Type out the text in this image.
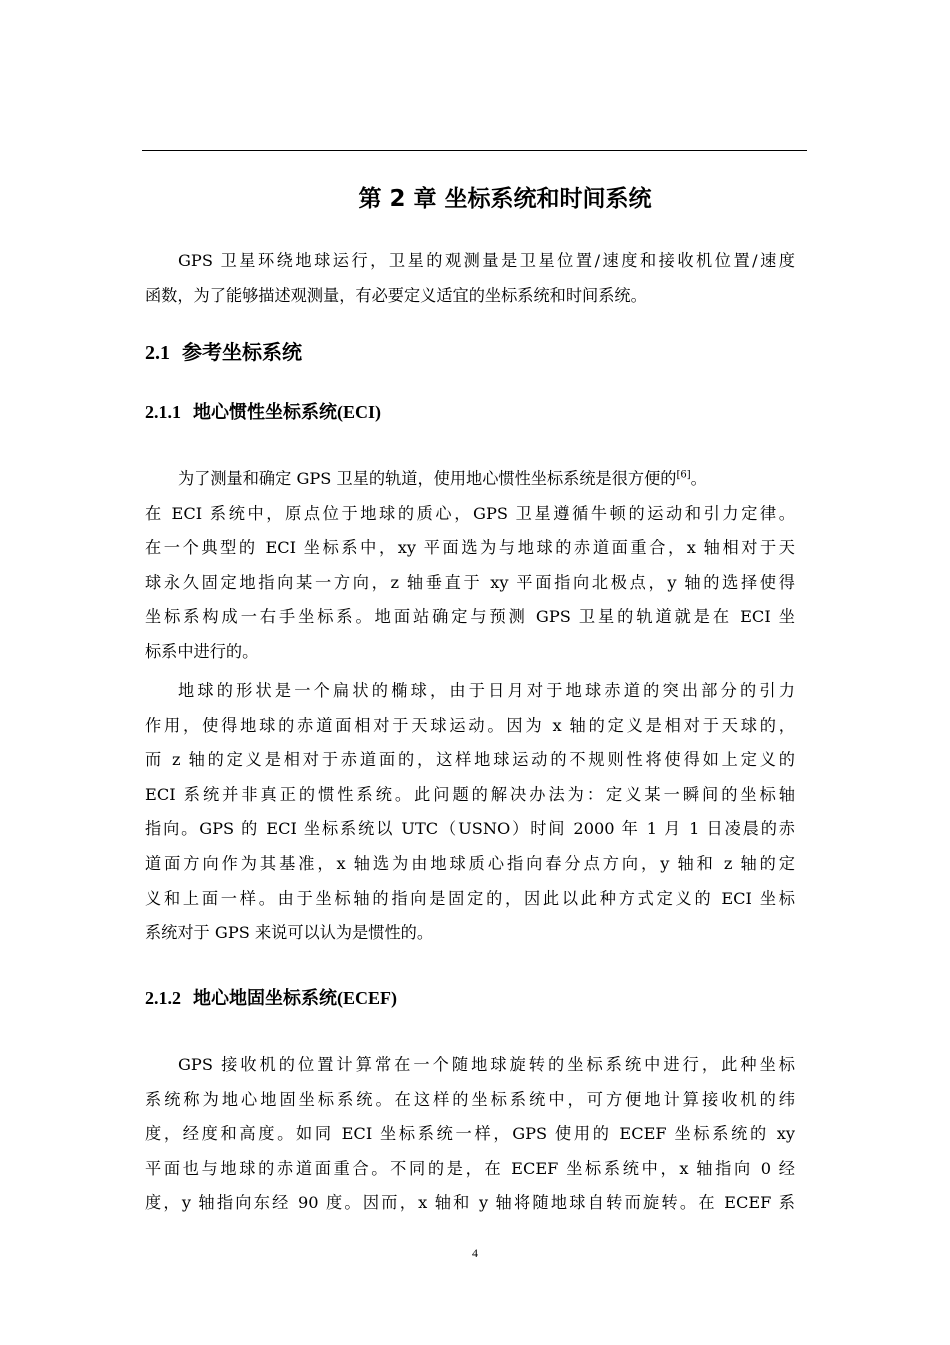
第 2 章 坐标系统和时间系统
GPS 卫星环绕地球运行，卫星的观测量是卫星位置/速度和接收机位置/速度
函数，为了能够描述观测量，有必要定义适宜的坐标系统和时间系统。
2.1 参考坐标系统
2.1.1 地心惯性坐标系统(ECI)
为了测量和确定 GPS 卫星的轨道，使用地心惯性坐标系统是很方便的[6]。
在 ECI 系统中，原点位于地球的质心，GPS 卫星遵循牛顿的运动和引力定律。
在一个典型的 ECI 坐标系中，xy 平面选为与地球的赤道面重合，x 轴相对于天
球永久固定地指向某一方向，z 轴垂直于 xy 平面指向北极点，y 轴的选择使得
坐标系构成一右手坐标系。地面站确定与预测 GPS 卫星的轨道就是在 ECI 坐
标系中进行的。
地球的形状是一个扁状的椭球，由于日月对于地球赤道的突出部分的引力
作用，使得地球的赤道面相对于天球运动。因为 x 轴的定义是相对于天球的，
而 z 轴的定义是相对于赤道面的，这样地球运动的不规则性将使得如上定义的
ECI 系统并非真正的惯性系统。此问题的解决办法为：定义某一瞬间的坐标轴
指向。GPS 的 ECI 坐标系统以 UTC（USNO）时间 2000 年 1 月 1 日凌晨的赤
道面方向作为其基准，x 轴选为由地球质心指向春分点方向，y 轴和 z 轴的定
义和上面一样。由于坐标轴的指向是固定的，因此以此种方式定义的 ECI 坐标
系统对于 GPS 来说可以认为是惯性的。
2.1.2 地心地固坐标系统(ECEF)
GPS 接收机的位置计算常在一个随地球旋转的坐标系统中进行，此种坐标
系统称为地心地固坐标系统。在这样的坐标系统中，可方便地计算接收机的纬
度，经度和高度。如同 ECI 坐标系统一样，GPS 使用的 ECEF 坐标系统的 xy
平面也与地球的赤道面重合。不同的是，在 ECEF 坐标系统中，x 轴指向 0 经
度，y 轴指向东经 90 度。因而，x 轴和 y 轴将随地球自转而旋转。在 ECEF 系
4
